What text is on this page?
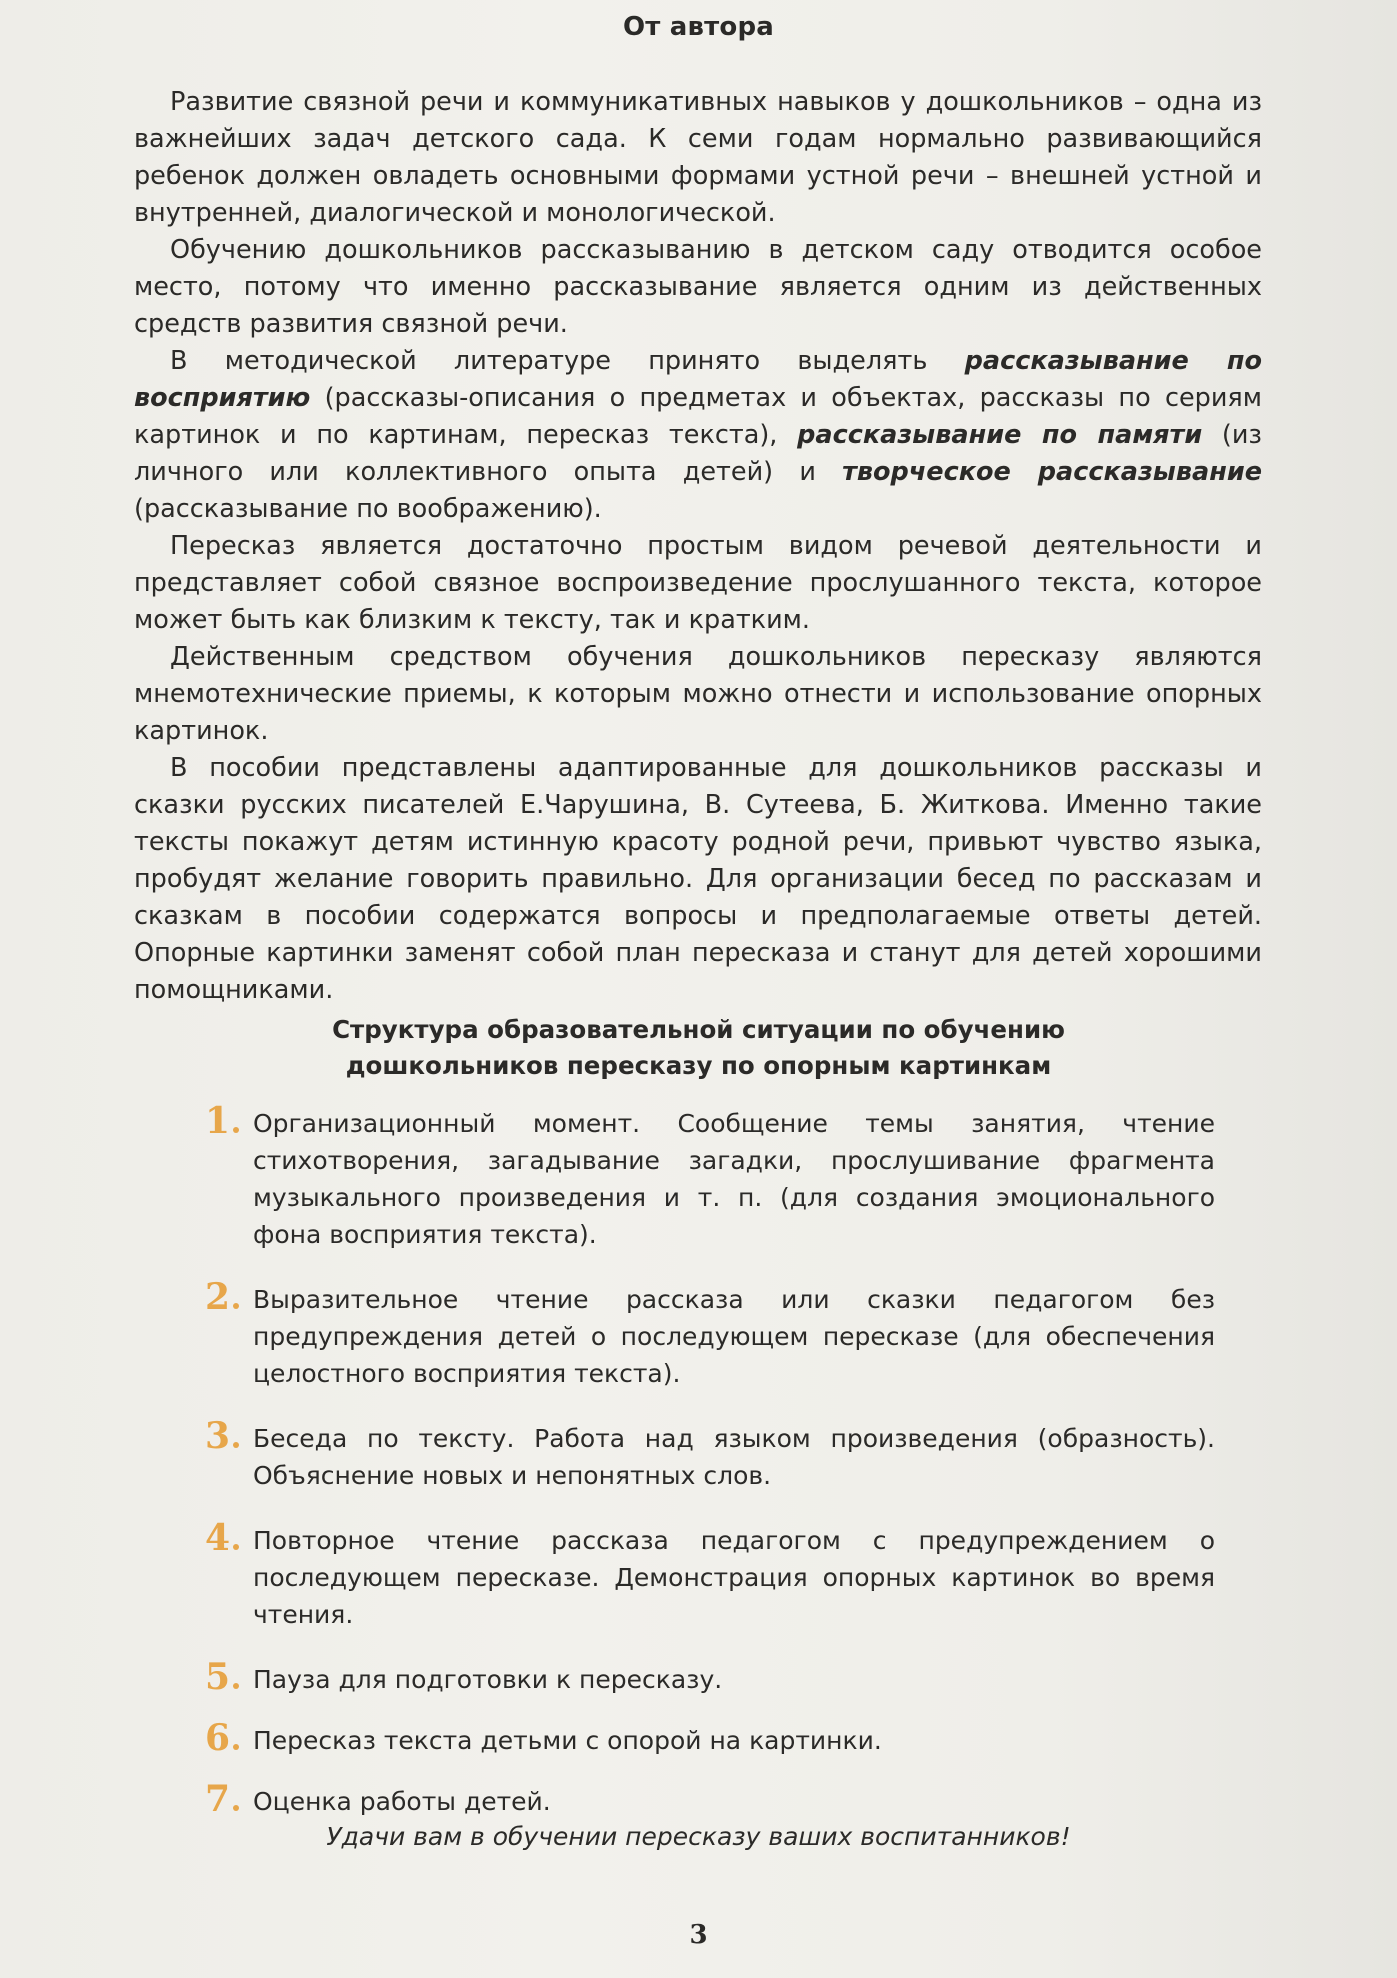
От автора

Развитие связной речи и коммуникативных навыков у дошкольников – одна из важнейших задач детского сада. К семи годам нормально развивающийся ребенок должен овладеть основными формами устной речи – внешней устной и внутренней, диалогической и монологической.

Обучению дошкольников рассказыванию в детском саду отводится особое место, потому что именно рассказывание является одним из действенных средств развития связной речи.

В методической литературе принято выделять рассказывание по восприятию (рассказы-описания о предметах и объектах, рассказы по сериям картинок и по картинам, пересказ текста), рассказывание по памяти (из личного или коллективного опыта детей) и творческое рассказывание (рассказывание по воображению).

Пересказ является достаточно простым видом речевой деятельности и представляет собой связное воспроизведение прослушанного текста, которое может быть как близким к тексту, так и кратким.

Действенным средством обучения дошкольников пересказу являются мнемотехнические приемы, к которым можно отнести и использование опорных картинок.

В пособии представлены адаптированные для дошкольников рассказы и сказки русских писателей Е.Чарушина, В. Сутеева, Б. Житкова. Именно такие тексты покажут детям истинную красоту родной речи, привьют чувство языка, пробудят желание говорить правильно. Для организации бесед по рассказам и сказкам в пособии содержатся вопросы и предполагаемые ответы детей. Опорные картинки заменят собой план пересказа и станут для детей хорошими помощниками.

Структура образовательной ситуации по обучению
дошкольников пересказу по опорным картинкам
1 Организационный момент. Сообщение темы занятия, чтение стихотворения, загадывание загадки, прослушивание фрагмента музыкального произведения и т. п. (для создания эмоционального фона восприятия текста).
2 Выразительное чтение рассказа или сказки педагогом без предупреждения детей о последующем пересказе (для обеспечения целостного восприятия текста).
3 Беседа по тексту. Работа над языком произведения (образность). Объяснение новых и непонятных слов.
4 Повторное чтение рассказа педагогом с предупреждением о последующем пересказе. Демонстрация опорных картинок во время чтения.
5 Пауза для подготовки к пересказу.
6 Пересказ текста детьми с опорой на картинки.
7 Оценка работы детей.
Удачи вам в обучении пересказу ваших воспитанников!
3
